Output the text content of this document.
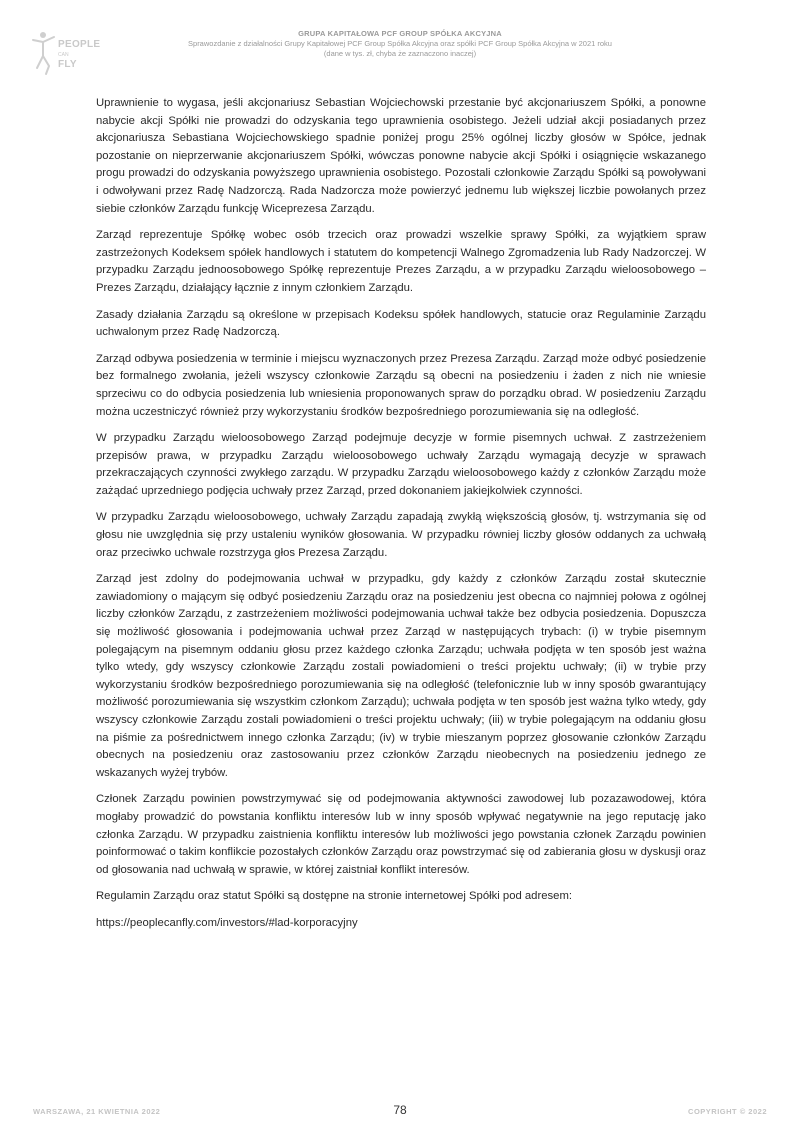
PEOPLE
CAN
FLY
GRUPA KAPITAŁOWA PCF GROUP SPÓŁKA AKCYJNA
Sprawozdanie z działalności Grupy Kapitałowej PCF Group Spółka Akcyjna oraz spółki PCF Group Spółka Akcyjna w 2021 roku
(dane w tys. zł, chyba że zaznaczono inaczej)

Uprawnienie to wygasa, jeśli akcjonariusz Sebastian Wojciechowski przestanie być akcjonariuszem Spółki, a ponowne nabycie akcji Spółki nie prowadzi do odzyskania tego uprawnienia osobistego. Jeżeli udział akcji posiadanych przez akcjonariusza Sebastiana Wojciechowskiego spadnie poniżej progu 25% ogólnej liczby głosów w Spółce, jednak pozostanie on nieprzerwanie akcjonariuszem Spółki, wówczas ponowne nabycie akcji Spółki i osiągnięcie wskazanego progu prowadzi do odzyskania powyższego uprawnienia osobistego. Pozostali członkowie Zarządu Spółki są powoływani i odwoływani przez Radę Nadzorczą. Rada Nadzorcza może powierzyć jednemu lub większej liczbie powołanych przez siebie członków Zarządu funkcję Wiceprezesa Zarządu.

Zarząd reprezentuje Spółkę wobec osób trzecich oraz prowadzi wszelkie sprawy Spółki, za wyjątkiem spraw zastrzeżonych Kodeksem spółek handlowych i statutem do kompetencji Walnego Zgromadzenia lub Rady Nadzorczej. W przypadku Zarządu jednoosobowego Spółkę reprezentuje Prezes Zarządu, a w przypadku Zarządu wieloosobowego – Prezes Zarządu, działający łącznie z innym członkiem Zarządu.

Zasady działania Zarządu są określone w przepisach Kodeksu spółek handlowych, statucie oraz Regulaminie Zarządu uchwalonym przez Radę Nadzorczą.

Zarząd odbywa posiedzenia w terminie i miejscu wyznaczonych przez Prezesa Zarządu. Zarząd może odbyć posiedzenie bez formalnego zwołania, jeżeli wszyscy członkowie Zarządu są obecni na posiedzeniu i żaden z nich nie wniesie sprzeciwu co do odbycia posiedzenia lub wniesienia proponowanych spraw do porządku obrad. W posiedzeniu Zarządu można uczestniczyć również przy wykorzystaniu środków bezpośredniego porozumiewania się na odległość.

W przypadku Zarządu wieloosobowego Zarząd podejmuje decyzje w formie pisemnych uchwał. Z zastrzeżeniem przepisów prawa, w przypadku Zarządu wieloosobowego uchwały Zarządu wymagają decyzje w sprawach przekraczających czynności zwykłego zarządu. W przypadku Zarządu wieloosobowego każdy z członków Zarządu może zażądać uprzedniego podjęcia uchwały przez Zarząd, przed dokonaniem jakiejkolwiek czynności.

W przypadku Zarządu wieloosobowego, uchwały Zarządu zapadają zwykłą większością głosów, tj. wstrzymania się od głosu nie uwzględnia się przy ustaleniu wyników głosowania. W przypadku równiej liczby głosów oddanych za uchwałą oraz przeciwko uchwale rozstrzyga głos Prezesa Zarządu.

Zarząd jest zdolny do podejmowania uchwał w przypadku, gdy każdy z członków Zarządu został skutecznie zawiadomiony o mającym się odbyć posiedzeniu Zarządu oraz na posiedzeniu jest obecna co najmniej połowa z ogólnej liczby członków Zarządu, z zastrzeżeniem możliwości podejmowania uchwał także bez odbycia posiedzenia. Dopuszcza się możliwość głosowania i podejmowania uchwał przez Zarząd w następujących trybach: (i) w trybie pisemnym polegającym na pisemnym oddaniu głosu przez każdego członka Zarządu; uchwała podjęta w ten sposób jest ważna tylko wtedy, gdy wszyscy członkowie Zarządu zostali powiadomieni o treści projektu uchwały; (ii) w trybie przy wykorzystaniu środków bezpośredniego porozumiewania się na odległość (telefonicznie lub w inny sposób gwarantujący możliwość porozumiewania się wszystkim członkom Zarządu); uchwała podjęta w ten sposób jest ważna tylko wtedy, gdy wszyscy członkowie Zarządu zostali powiadomieni o treści projektu uchwały; (iii) w trybie polegającym na oddaniu głosu na piśmie za pośrednictwem innego członka Zarządu; (iv) w trybie mieszanym poprzez głosowanie członków Zarządu obecnych na posiedzeniu oraz zastosowaniu przez członków Zarządu nieobecnych na posiedzeniu jednego ze wskazanych wyżej trybów.

Członek Zarządu powinien powstrzymywać się od podejmowania aktywności zawodowej lub pozazawodowej, która mogłaby prowadzić do powstania konfliktu interesów lub w inny sposób wpływać negatywnie na jego reputację jako członka Zarządu. W przypadku zaistnienia konfliktu interesów lub możliwości jego powstania członek Zarządu powinien poinformować o takim konflikcie pozostałych członków Zarządu oraz powstrzymać się od zabierania głosu w dyskusji oraz od głosowania nad uchwałą w sprawie, w której zaistniał konflikt interesów.

Regulamin Zarządu oraz statut Spółki są dostępne na stronie internetowej Spółki pod adresem:

https://peoplecanfly.com/investors/#lad-korporacyjny

WARSZAWA, 21 KWIETNIA 2022	78	COPYRIGHT © 2022
